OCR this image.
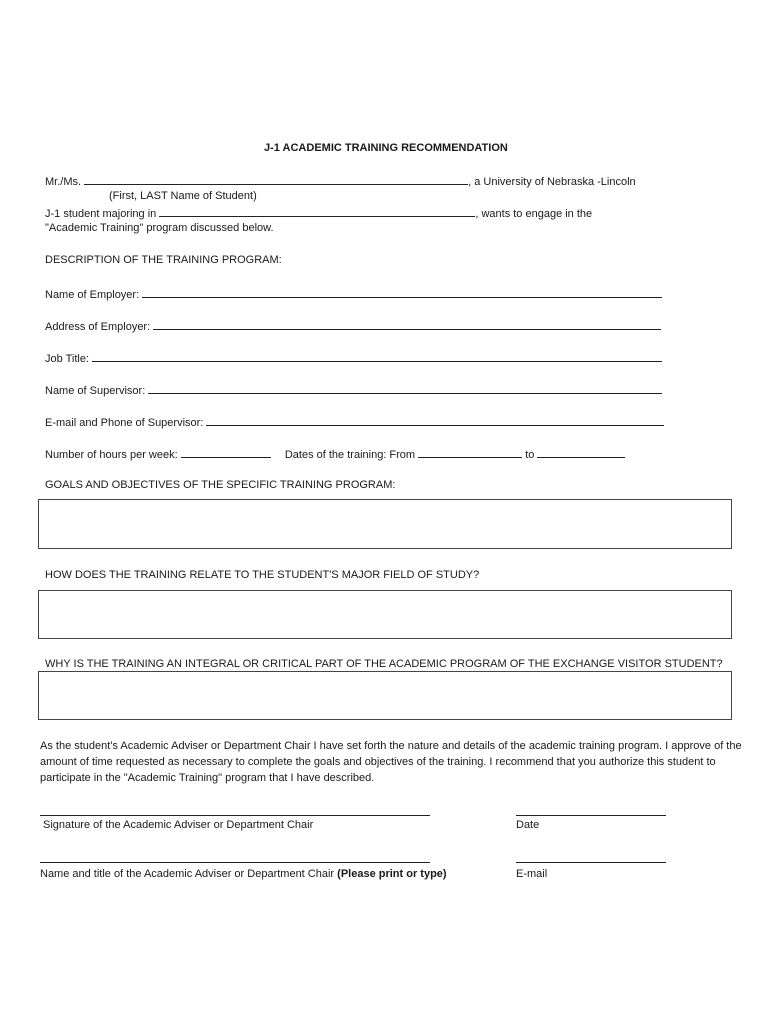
J-1 ACADEMIC TRAINING RECOMMENDATION
Mr./Ms.	, a University of Nebraska -Lincoln
(First, LAST Name of Student)
J-1 student majoring in	, wants to engage in the
"Academic Training" program discussed below.
DESCRIPTION OF THE TRAINING PROGRAM:
Name of Employer:
Address of Employer:
Job Title:
Name of Supervisor:
E-mail and Phone of Supervisor:
Number of hours per week:	Dates of the training: From	to
GOALS AND OBJECTIVES OF THE SPECIFIC TRAINING PROGRAM:
HOW DOES THE TRAINING RELATE TO THE STUDENT'S MAJOR FIELD OF STUDY?
WHY IS THE TRAINING AN INTEGRAL OR CRITICAL PART OF THE ACADEMIC PROGRAM OF THE EXCHANGE VISITOR STUDENT?
As the student's Academic Adviser or Department Chair I have set forth the nature and details of the academic training program. I approve of the amount of time requested as necessary to complete the goals and objectives of the training. I recommend that you authorize this student to participate in the "Academic Training" program that I have described.
Signature of the Academic Adviser or Department Chair	Date
Name and title of the Academic Adviser or Department Chair (Please print or type)	E-mail
